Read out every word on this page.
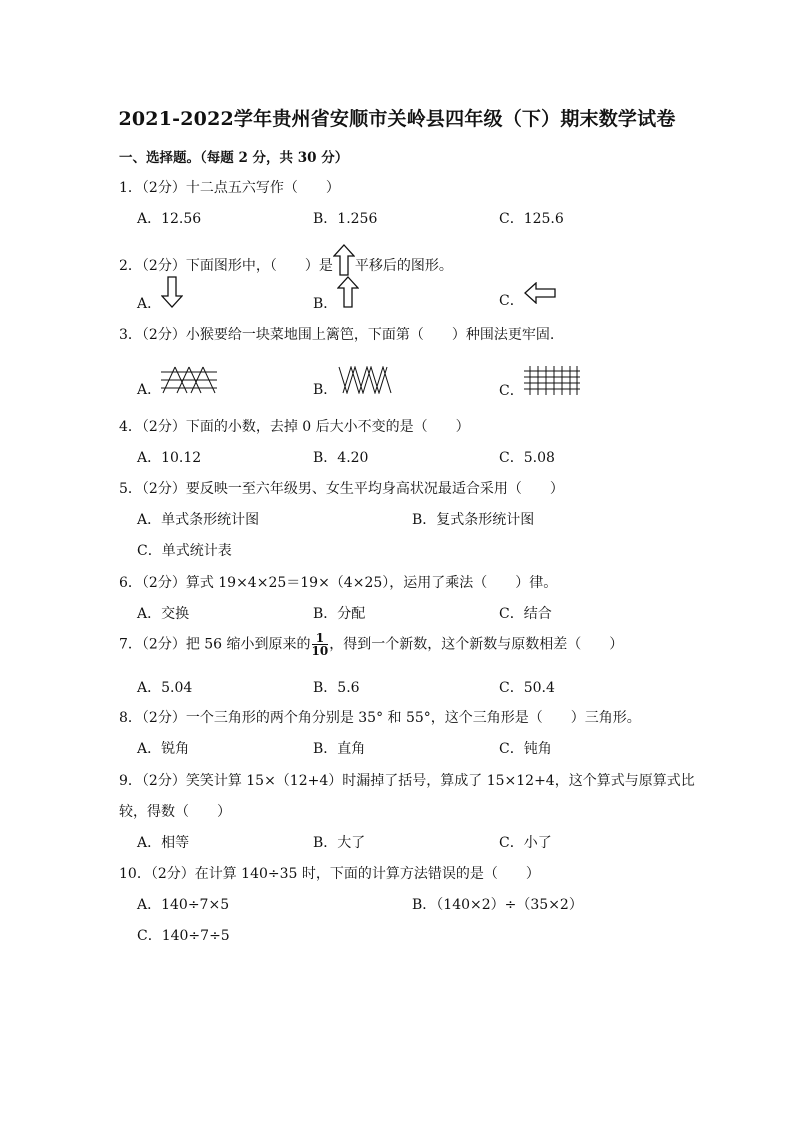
2021-2022学年贵州省安顺市关岭县四年级（下）期末数学试卷
一、选择题。（每题 2 分，共 30 分）
1．（2分）十二点五六写作（　　）
A．12.56	B．1.256	C．125.6
2．（2分）下面图形中，（　　）是 平移后的图形。
A．	B．	C．
3．（2分）小猴要给一块菜地围上篱笆，下面第（　　）种围法更牢固.
A．	B．	C．
4．（2分）下面的小数，去掉 0 后大小不变的是（　　）
A．10.12	B．4.20	C．5.08
5．（2分）要反映一至六年级男、女生平均身高状况最适合采用（　　）
A．单式条形统计图	B．复式条形统计图
C．单式统计表
6．（2分）算式 19×4×25＝19×（4×25），运用了乘法（　　）律。
A．交换	B．分配	C．结合
7．（2分）把 56 缩小到原来的 $\frac{1}{10}$ ，得到一个新数，这个新数与原数相差（　　）
A．5.04	B．5.6	C．50.4
8．（2分）一个三角形的两个角分别是 35° 和 55°，这个三角形是（　　）三角形。
A．锐角	B．直角	C．钝角
9．（2分）笑笑计算 15×（12+4）时漏掉了括号，算成了 15×12+4，这个算式与原算式比
较，得数（　　）
A．相等	B．大了	C．小了
10．（2分）在计算 140÷35 时，下面的计算方法错误的是（　　）
A．140÷7×5	B．（140×2）÷（35×2）
C．140÷7÷5
